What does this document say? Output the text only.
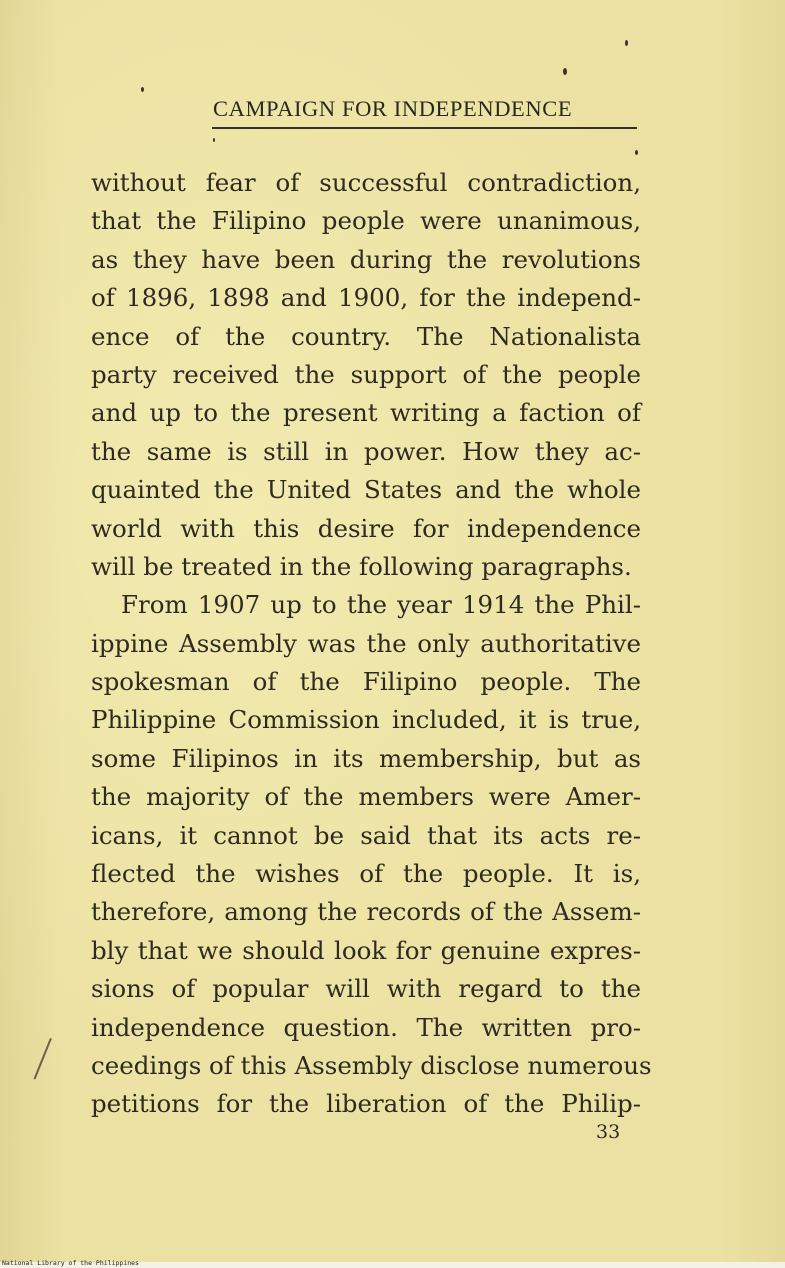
CAMPAIGN FOR INDEPENDENCE
without fear of successful contradiction,
that the Filipino people were unanimous,
as they have been during the revolutions
of 1896, 1898 and 1900, for the independ-
ence of the country. The Nationalista
party received the support of the people
and up to the present writing a faction of
the same is still in power. How they ac-
quainted the United States and the whole
world with this desire for independence
will be treated in the following paragraphs.
From 1907 up to the year 1914 the Phil-
ippine Assembly was the only authoritative
spokesman of the Filipino people. The
Philippine Commission included, it is true,
some Filipinos in its membership, but as
the majority of the members were Amer-
icans, it cannot be said that its acts re-
flected the wishes of the people. It is,
therefore, among the records of the Assem-
bly that we should look for genuine expres-
sions of popular will with regard to the
independence question. The written pro-
ceedings of this Assembly disclose numerous
petitions for the liberation of the Philip-
33
National Library of the Philippines
